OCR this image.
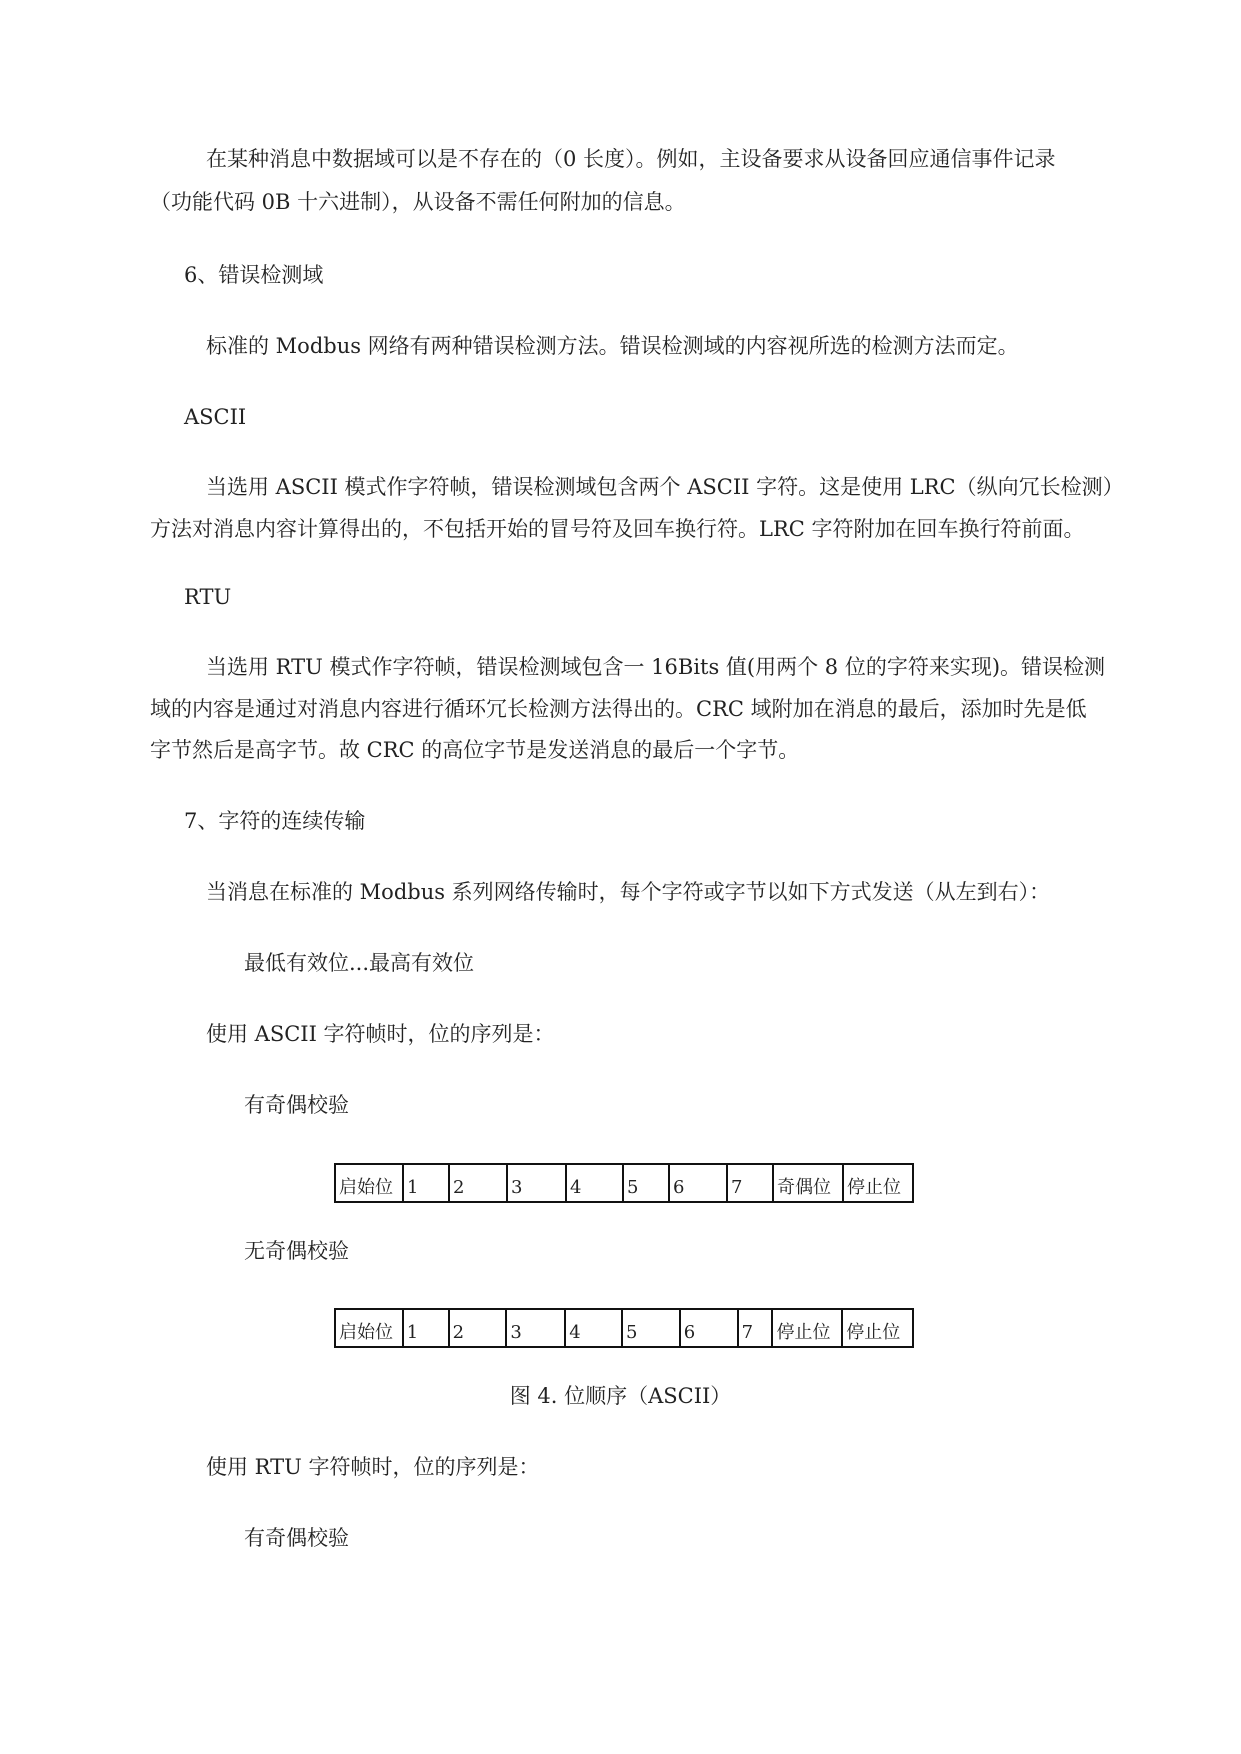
在某种消息中数据域可以是不存在的（0 长度）。例如，主设备要求从设备回应通信事件记录
（功能代码 0B 十六进制），从设备不需任何附加的信息。
6、错误检测域
标准的 Modbus 网络有两种错误检测方法。错误检测域的内容视所选的检测方法而定。
ASCII
当选用 ASCII 模式作字符帧，错误检测域包含两个 ASCII 字符。这是使用 LRC（纵向冗长检测）
方法对消息内容计算得出的，不包括开始的冒号符及回车换行符。LRC 字符附加在回车换行符前面。
RTU
当选用 RTU 模式作字符帧，错误检测域包含一 16Bits 值(用两个 8 位的字符来实现)。错误检测
域的内容是通过对消息内容进行循环冗长检测方法得出的。CRC 域附加在消息的最后，添加时先是低
字节然后是高字节。故 CRC 的高位字节是发送消息的最后一个字节。
7、字符的连续传输
当消息在标准的 Modbus 系列网络传输时，每个字符或字节以如下方式发送（从左到右）：
最低有效位...最高有效位
使用 ASCII 字符帧时，位的序列是：
有奇偶校验
启始位 1	2	3	4	5	6	7	奇偶位 停止位
无奇偶校验
启始位 1	2	3	4	5	6	7	停止位 停止位
图 4. 位顺序（ASCII）
使用 RTU 字符帧时，位的序列是：
有奇偶校验
